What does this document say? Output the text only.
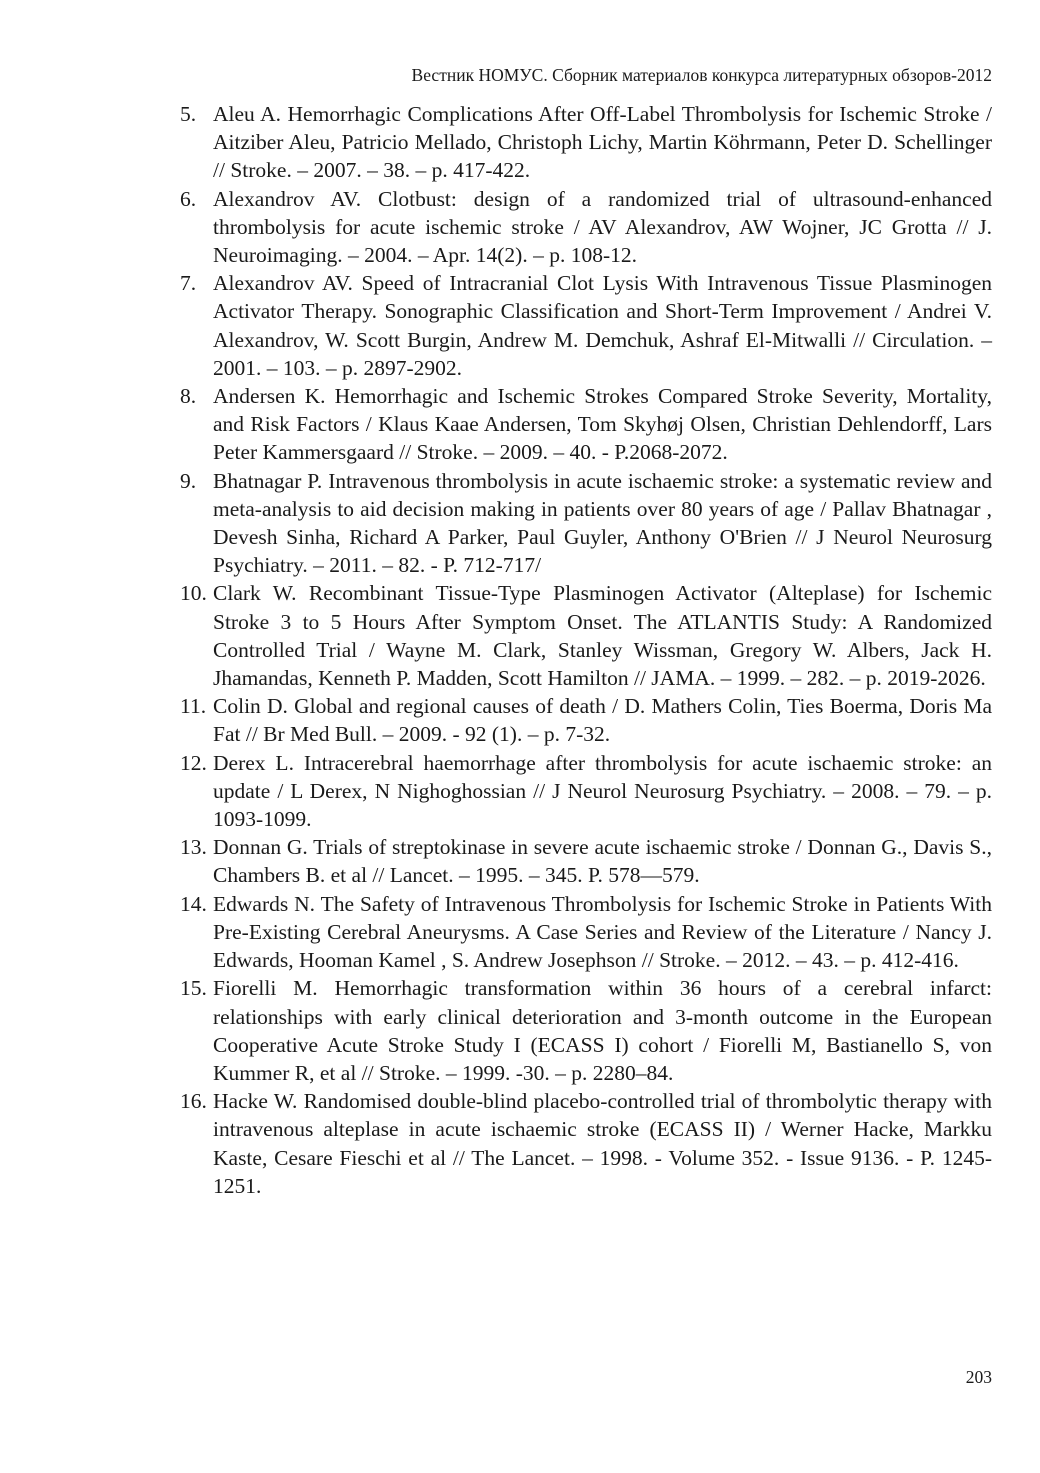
Вестник НОМУС. Сборник материалов конкурса литературных обзоров-2012
5. Aleu A. Hemorrhagic Complications After Off-Label Thrombolysis for Ischemic Stroke / Aitziber Aleu, Patricio Mellado, Christoph Lichy, Martin Köhrmann, Peter D. Schellinger // Stroke. – 2007. – 38. – p. 417-422.
6. Alexandrov AV. Clotbust: design of a randomized trial of ultrasound-enhanced thrombolysis for acute ischemic stroke / AV Alexandrov, AW Wojner, JC Grotta // J. Neuroimaging. – 2004. – Apr. 14(2). – p. 108-12.
7. Alexandrov AV. Speed of Intracranial Clot Lysis With Intravenous Tissue Plasminogen Activator Therapy. Sonographic Classification and Short-Term Improvement / Andrei V. Alexandrov, W. Scott Burgin, Andrew M. Demchuk, Ashraf El-Mitwalli // Circulation. – 2001. – 103. – p. 2897-2902.
8. Andersen K. Hemorrhagic and Ischemic Strokes Compared Stroke Severity, Mortality, and Risk Factors / Klaus Kaae Andersen, Tom Skyhøj Olsen, Christian Dehlendorff, Lars Peter Kammersgaard // Stroke. – 2009. – 40. - P.2068-2072.
9. Bhatnagar P. Intravenous thrombolysis in acute ischaemic stroke: a systematic review and meta-analysis to aid decision making in patients over 80 years of age / Pallav Bhatnagar , Devesh Sinha, Richard A Parker, Paul Guyler, Anthony O'Brien // J Neurol Neurosurg Psychiatry. – 2011. – 82. - P. 712-717/
10. Clark W. Recombinant Tissue-Type Plasminogen Activator (Alteplase) for Ischemic Stroke 3 to 5 Hours After Symptom Onset. The ATLANTIS Study: A Randomized Controlled Trial / Wayne M. Clark, Stanley Wissman, Gregory W. Albers, Jack H. Jhamandas, Kenneth P. Madden, Scott Hamilton // JAMA. – 1999. – 282. – p. 2019-2026.
11. Colin D. Global and regional causes of death / D. Mathers Colin, Ties Boerma, Doris Ma Fat // Br Med Bull. – 2009. - 92 (1). – p. 7-32.
12. Derex L. Intracerebral haemorrhage after thrombolysis for acute ischaemic stroke: an update / L Derex, N Nighoghossian // J Neurol Neurosurg Psychiatry. – 2008. – 79. – p. 1093-1099.
13. Donnan G. Trials of streptokinase in severe acute ischaemic stroke / Donnan G., Davis S., Chambers B. et al // Lancet. – 1995. – 345. P. 578—579.
14. Edwards N. The Safety of Intravenous Thrombolysis for Ischemic Stroke in Patients With Pre-Existing Cerebral Aneurysms. A Case Series and Review of the Literature / Nancy J. Edwards, Hooman Kamel , S. Andrew Josephson // Stroke. – 2012. – 43. – p. 412-416.
15. Fiorelli M. Hemorrhagic transformation within 36 hours of a cerebral infarct: relationships with early clinical deterioration and 3-month outcome in the European Cooperative Acute Stroke Study I (ECASS I) cohort / Fiorelli M, Bastianello S, von Kummer R, et al // Stroke. – 1999. -30. – p. 2280–84.
16. Hacke W. Randomised double-blind placebo-controlled trial of thrombolytic therapy with intravenous alteplase in acute ischaemic stroke (ECASS II) / Werner Hacke, Markku Kaste, Cesare Fieschi et al // The Lancet. – 1998. - Volume 352. - Issue 9136. - P. 1245-1251.
203
